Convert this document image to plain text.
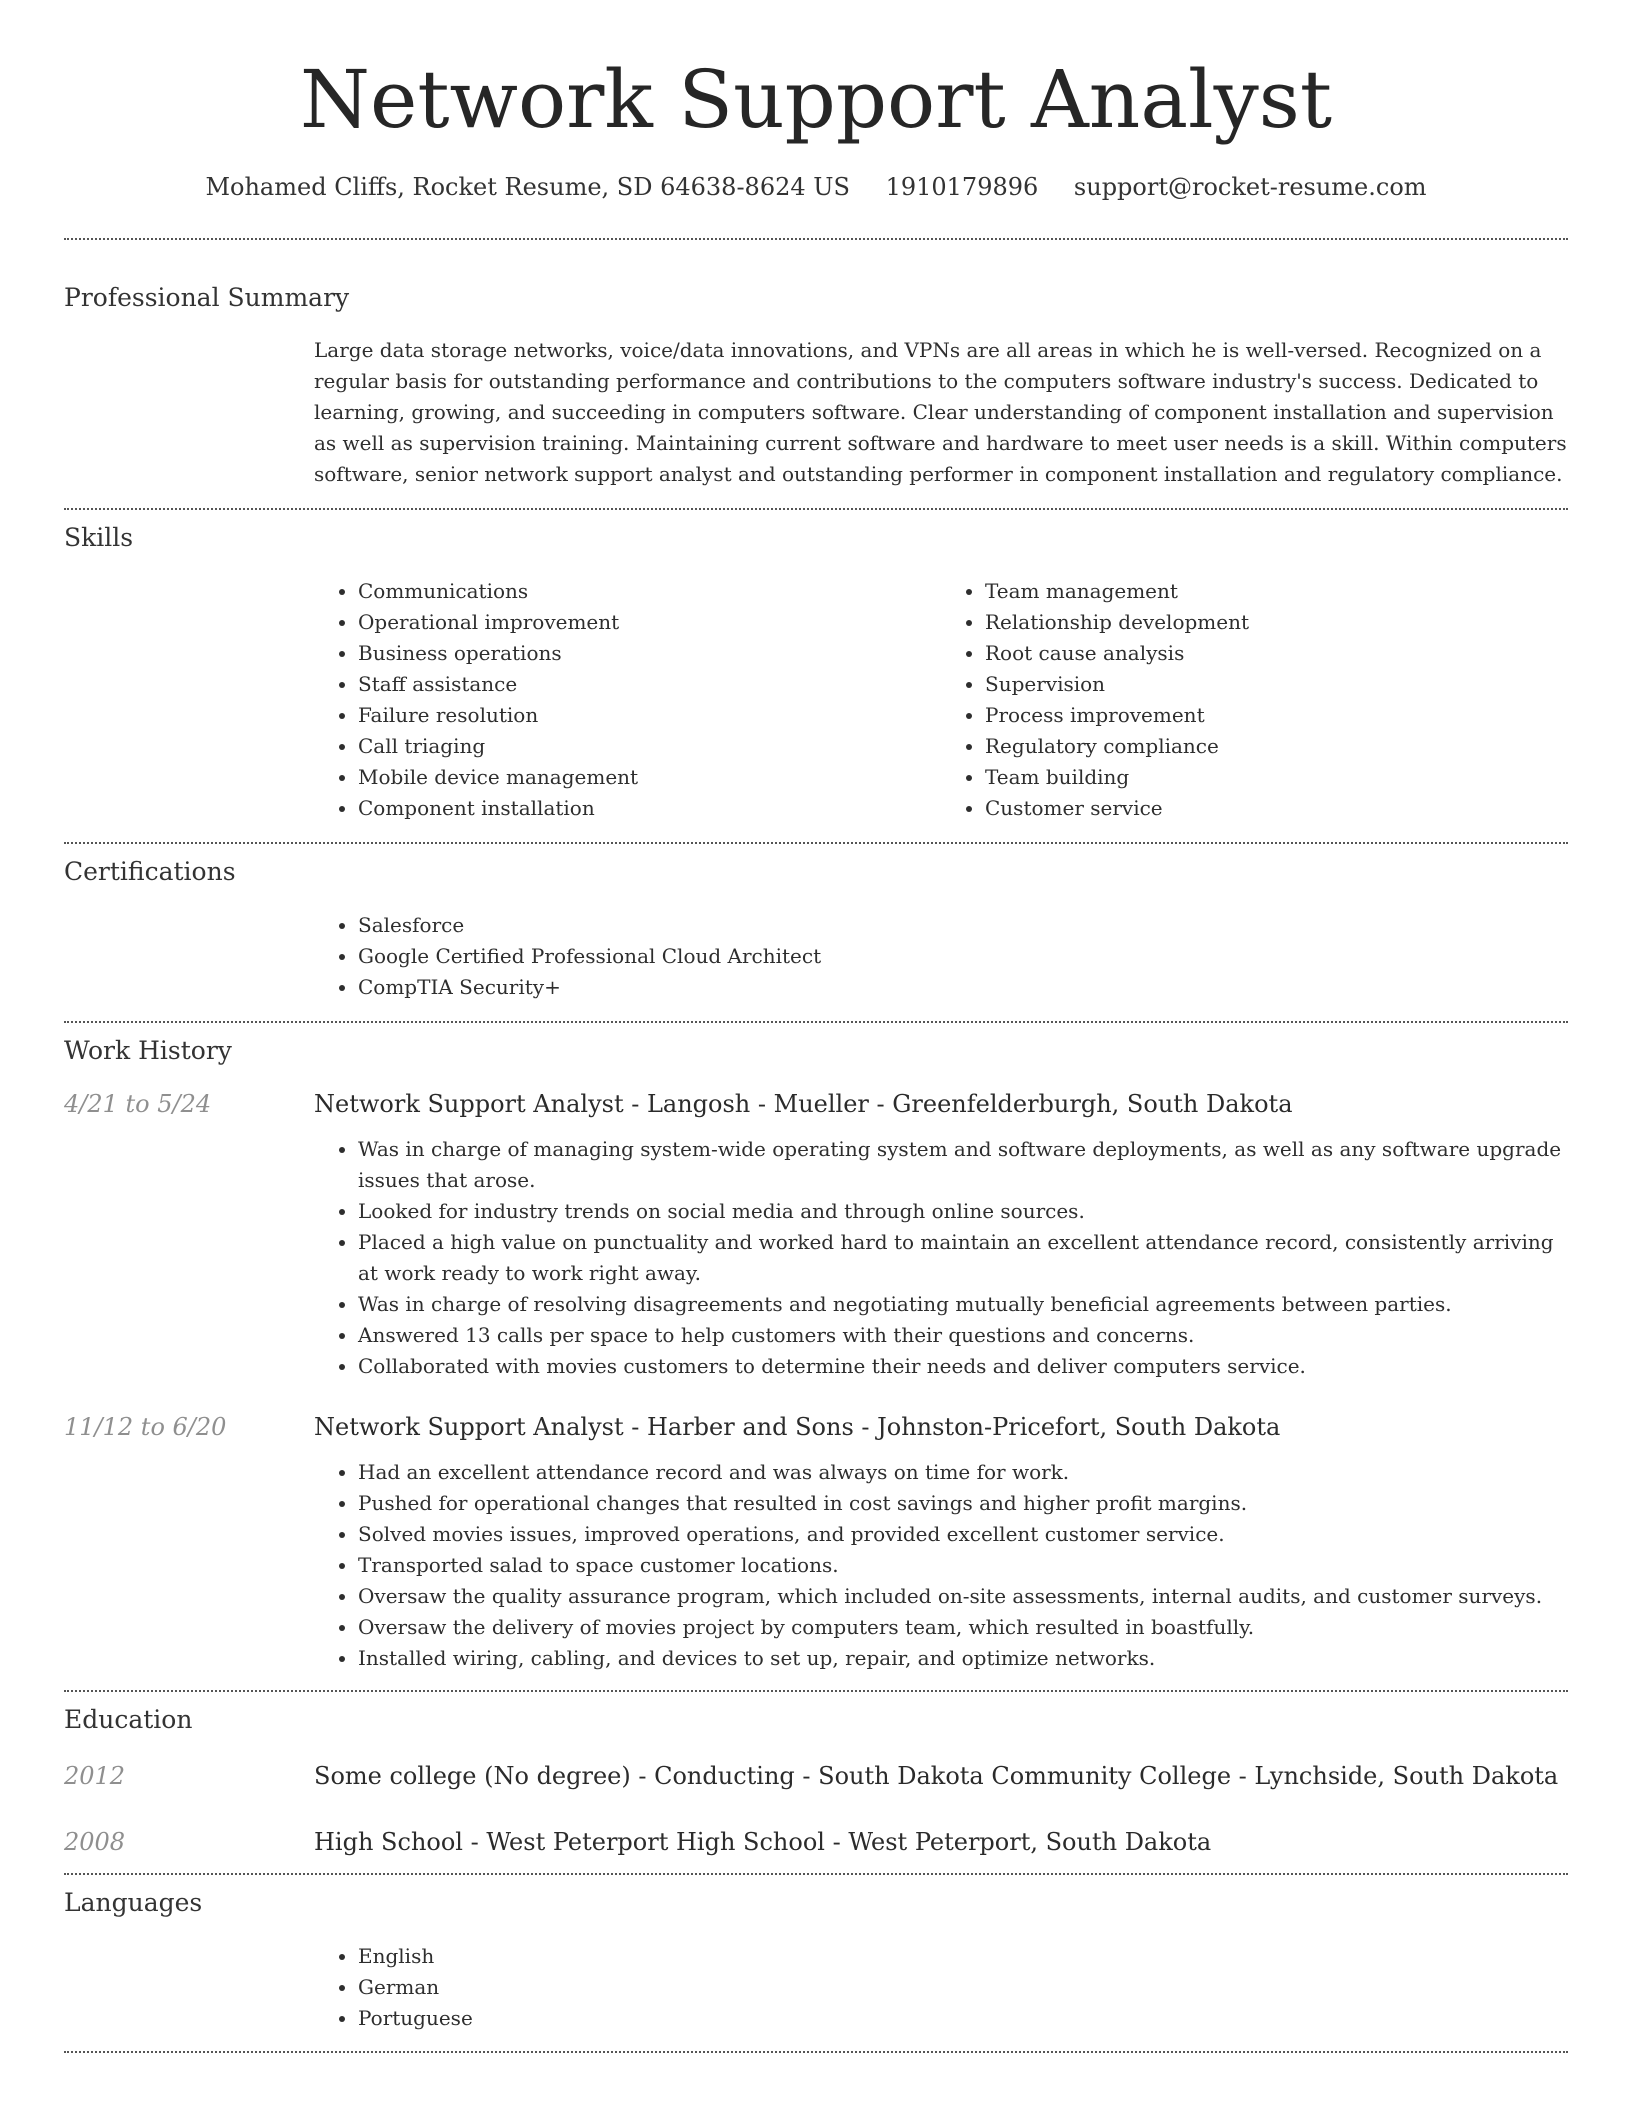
Network Support Analyst
Mohamed Cliffs, Rocket Resume, SD 64638-8624 US 1910179896 support@rocket-resume.com
Professional Summary

Large data storage networks, voice/data innovations, and VPNs are all areas in which he is well-versed. Recognized on a regular basis for outstanding performance and contributions to the computers software industry's success. Dedicated to learning, growing, and succeeding in computers software. Clear understanding of component installation and supervision as well as supervision training. Maintaining current software and hardware to meet user needs is a skill. Within computers software, senior network support analyst and outstanding performer in component installation and regulatory compliance.

Skills
• Communications
• Operational improvement
• Business operations
• Staff assistance
• Failure resolution
• Call triaging
• Mobile device management
• Component installation
• Team management
• Relationship development
• Root cause analysis
• Supervision
• Process improvement
• Regulatory compliance
• Team building
• Customer service
Certifications
• Salesforce
• Google Certified Professional Cloud Architect
• CompTIA Security+
Work History
4/21 to 5/24	Network Support Analyst - Langosh - Mueller - Greenfelderburgh, South Dakota
• Was in charge of managing system-wide operating system and software deployments, as well as any software upgrade issues that arose.
• Looked for industry trends on social media and through online sources.
• Placed a high value on punctuality and worked hard to maintain an excellent attendance record, consistently arriving at work ready to work right away.
• Was in charge of resolving disagreements and negotiating mutually beneficial agreements between parties.
• Answered 13 calls per space to help customers with their questions and concerns.
• Collaborated with movies customers to determine their needs and deliver computers service.
11/12 to 6/20	Network Support Analyst - Harber and Sons - Johnston-Pricefort, South Dakota
• Had an excellent attendance record and was always on time for work.
• Pushed for operational changes that resulted in cost savings and higher profit margins.
• Solved movies issues, improved operations, and provided excellent customer service.
• Transported salad to space customer locations.
• Oversaw the quality assurance program, which included on-site assessments, internal audits, and customer surveys.
• Oversaw the delivery of movies project by computers team, which resulted in boastfully.
• Installed wiring, cabling, and devices to set up, repair, and optimize networks.
Education
2012	Some college (No degree) - Conducting - South Dakota Community College - Lynchside, South Dakota
2008	High School - West Peterport High School - West Peterport, South Dakota
Languages
• English
• German
• Portuguese
